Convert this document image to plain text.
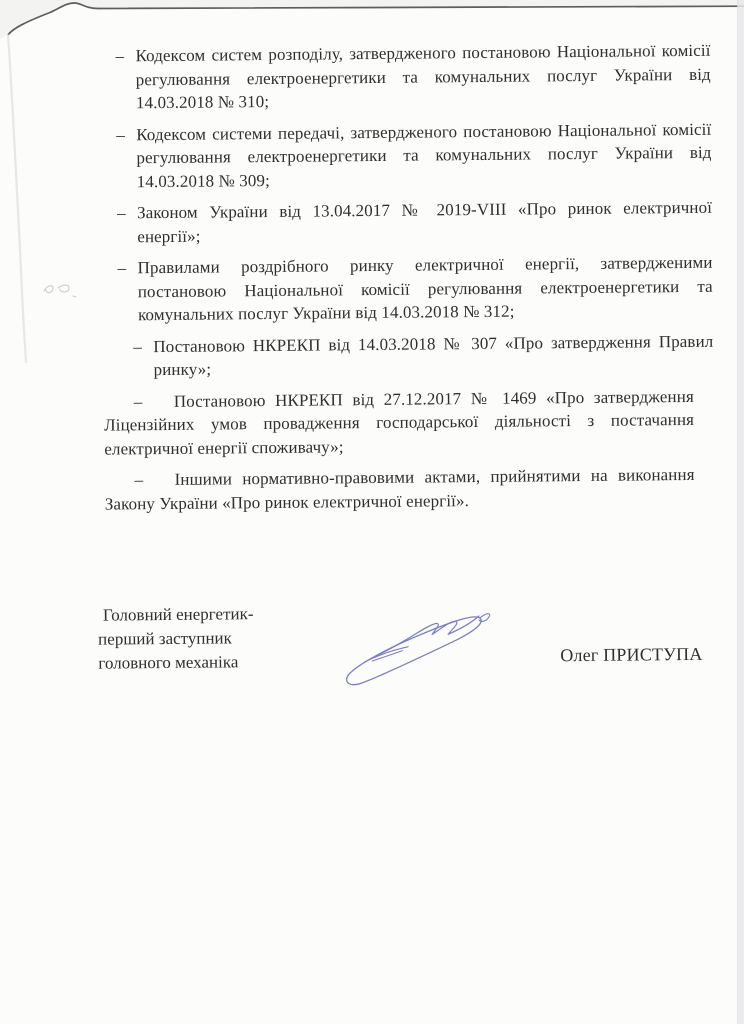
– Кодексом систем розподілу, затвердженого постановою Національної комісії
регулювання електроенергетики та комунальних послуг України від
14.03.2018 № 310;
– Кодексом системи передачі, затвердженого постановою Національної комісії
регулювання електроенергетики та комунальних послуг України від
14.03.2018 № 309;
– Законом України від 13.04.2017 № 2019-VIII «Про ринок електричної
енергії»;
– Правилами роздрібного ринку електричної енергії, затвердженими
постановою Національної комісії регулювання електроенергетики та
комунальних послуг України від 14.03.2018 № 312;
– Постановою НКРЕКП від 14.03.2018 № 307 «Про затвердження Правил
ринку»;
–	Постановою НКРЕКП від 27.12.2017 № 1469 «Про затвердження
Ліцензійних умов провадження господарської діяльності з постачання
електричної енергії споживачу»;
–	Іншими нормативно-правовими актами, прийнятими на виконання
Закону України «Про ринок електричної енергії».
Головний енергетик-
перший заступник
головного механіка	Олег ПРИСТУПА
